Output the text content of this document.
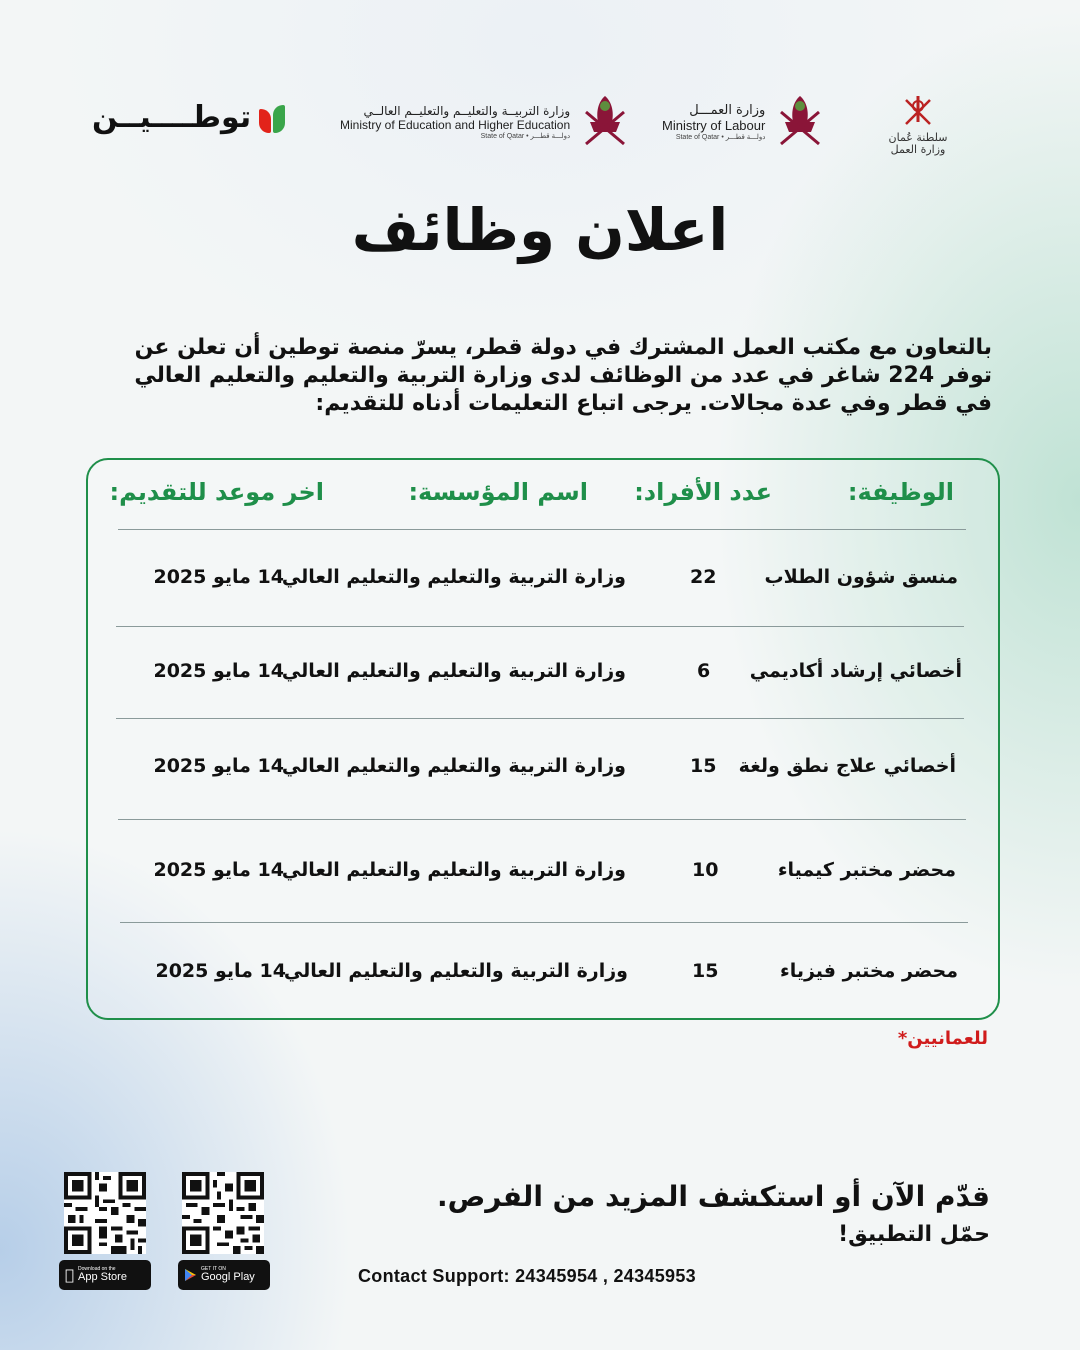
توطــــيــن	وزارة التربيــة والتعليــم والتعليــم العالــي
Ministry of Education and Higher Education
State of Qatar • دولـــة قطـــر
وزارة العمـــل
Ministry of Labour
State of Qatar • دولـــة قطـــر	سلطنة عُمان
وزارة العمل
اعلان وظائف
بالتعاون مع مكتب العمل المشترك في دولة قطر، يسرّ منصة توطين أن تعلن عن توفر 224 شاغر في عدد من الوظائف لدى وزارة التربية والتعليم والتعليم العالي في قطر وفي عدة مجالات. يرجى اتباع التعليمات أدناه للتقديم:
الوظيفة:
عدد الأفراد:
اسم المؤسسة:
اخر موعد للتقديم:
منسق شؤون الطلاب
22
وزارة التربية والتعليم والتعليم العالي
14 مايو 2025
أخصائي إرشاد أكاديمي
6
وزارة التربية والتعليم والتعليم العالي
14 مايو 2025
أخصائي علاج نطق ولغة
15
وزارة التربية والتعليم والتعليم العالي
14 مايو 2025
محضر مختبر كيمياء
10
وزارة التربية والتعليم والتعليم العالي
14 مايو 2025
محضر مختبر فيزياء
15
وزارة التربية والتعليم والتعليم العالي
14 مايو 2025
للعمانيين*
قدّم الآن أو استكشف المزيد من الفرص.
حمّل التطبيق!
Contact Support: 24345954 , 24345953
Download on the
App Store
GET IT ON
Googl Play
